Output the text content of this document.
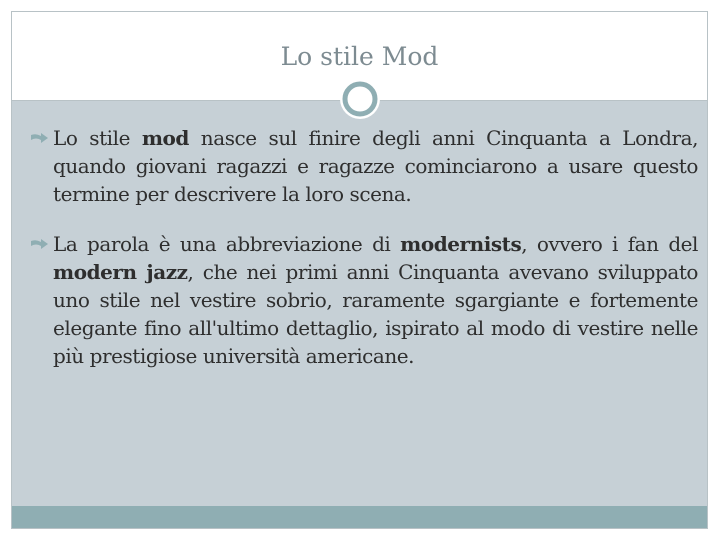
Lo stile Mod

Lo stile mod nasce sul finire degli anni Cinquanta a Londra, quando giovani ragazzi e ragazze cominciarono a usare questo termine per descrivere la loro scena.

La parola è una abbreviazione di modernists, ovvero i fan del modern jazz, che nei primi anni Cinquanta avevano sviluppato uno stile nel vestire sobrio, raramente sgargiante e fortemente elegante fino all'ultimo dettaglio, ispirato al modo di vestire nelle più prestigiose università americane.
